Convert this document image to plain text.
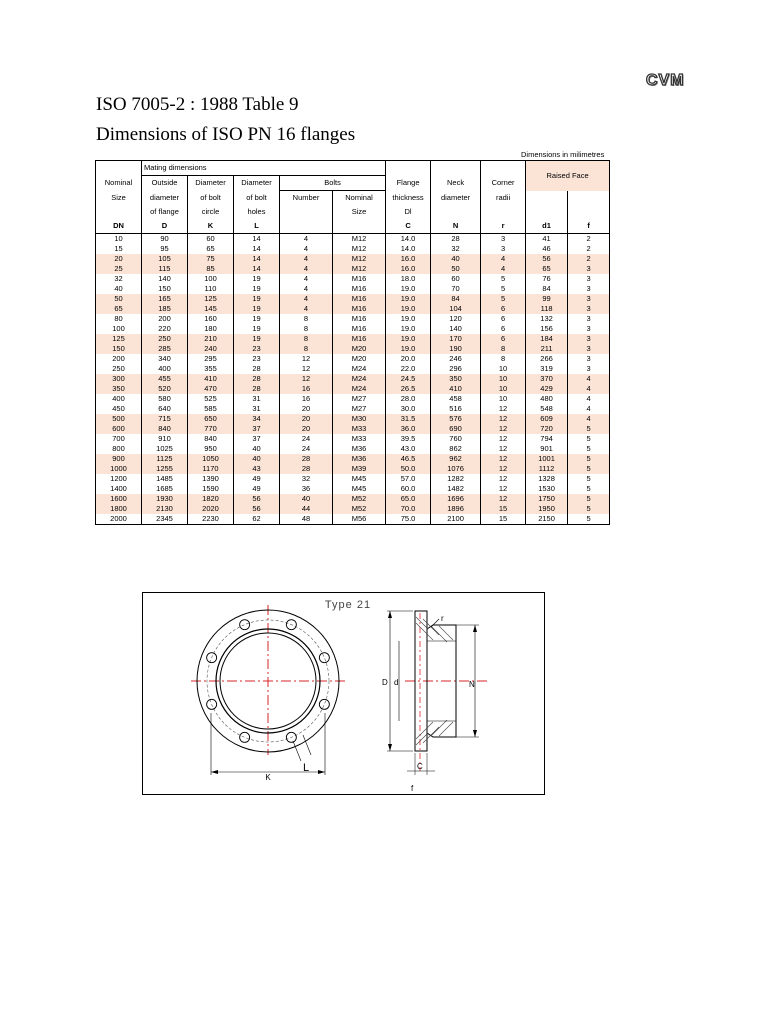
CVM
ISO 7005-2 : 1988 Table 9
Dimensions of ISO PN 16 flanges
Dimensions in milimetres
	Mating dimensions								Raised Face	
Nominal	Outside	Diameter	Diameter	Bolts		Flange	Neck	Corner		
Size	diameter	of bolt	of bolt	Number	Nominal	thickness	diameter	radii		
	of flange	circle	holes		Size	Dl				
DN	D	K	L			C	N	r	d1	f
10	90	60	14	4	M12	14.0	28	3	41	2
15	95	65	14	4	M12	14.0	32	3	46	2
20	105	75	14	4	M12	16.0	40	4	56	2
25	115	85	14	4	M12	16.0	50	4	65	3
32	140	100	19	4	M16	18.0	60	5	76	3
40	150	110	19	4	M16	19.0	70	5	84	3
50	165	125	19	4	M16	19.0	84	5	99	3
65	185	145	19	4	M16	19.0	104	6	118	3
80	200	160	19	8	M16	19.0	120	6	132	3
100	220	180	19	8	M16	19.0	140	6	156	3
125	250	210	19	8	M16	19.0	170	6	184	3
150	285	240	23	8	M20	19.0	190	8	211	3
200	340	295	23	12	M20	20.0	246	8	266	3
250	400	355	28	12	M24	22.0	296	10	319	3
300	455	410	28	12	M24	24.5	350	10	370	4
350	520	470	28	16	M24	26.5	410	10	429	4
400	580	525	31	16	M27	28.0	458	10	480	4
450	640	585	31	20	M27	30.0	516	12	548	4
500	715	650	34	20	M30	31.5	576	12	609	4
600	840	770	37	20	M33	36.0	690	12	720	5
700	910	840	37	24	M33	39.5	760	12	794	5
800	1025	950	40	24	M36	43.0	862	12	901	5
900	1125	1050	40	28	M36	46.5	962	12	1001	5
1000	1255	1170	43	28	M39	50.0	1076	12	1112	5
1200	1485	1390	49	32	M45	57.0	1282	12	1328	5
1400	1685	1590	49	36	M45	60.0	1482	12	1530	5
1600	1930	1820	56	40	M52	65.0	1696	12	1750	5
1800	2130	2020	56	44	M52	70.0	1896	15	1950	5
2000	2345	2230	62	48	M56	75.0	2100	15	2150	5
Type 21
K
L
D d	N
r
C
f
